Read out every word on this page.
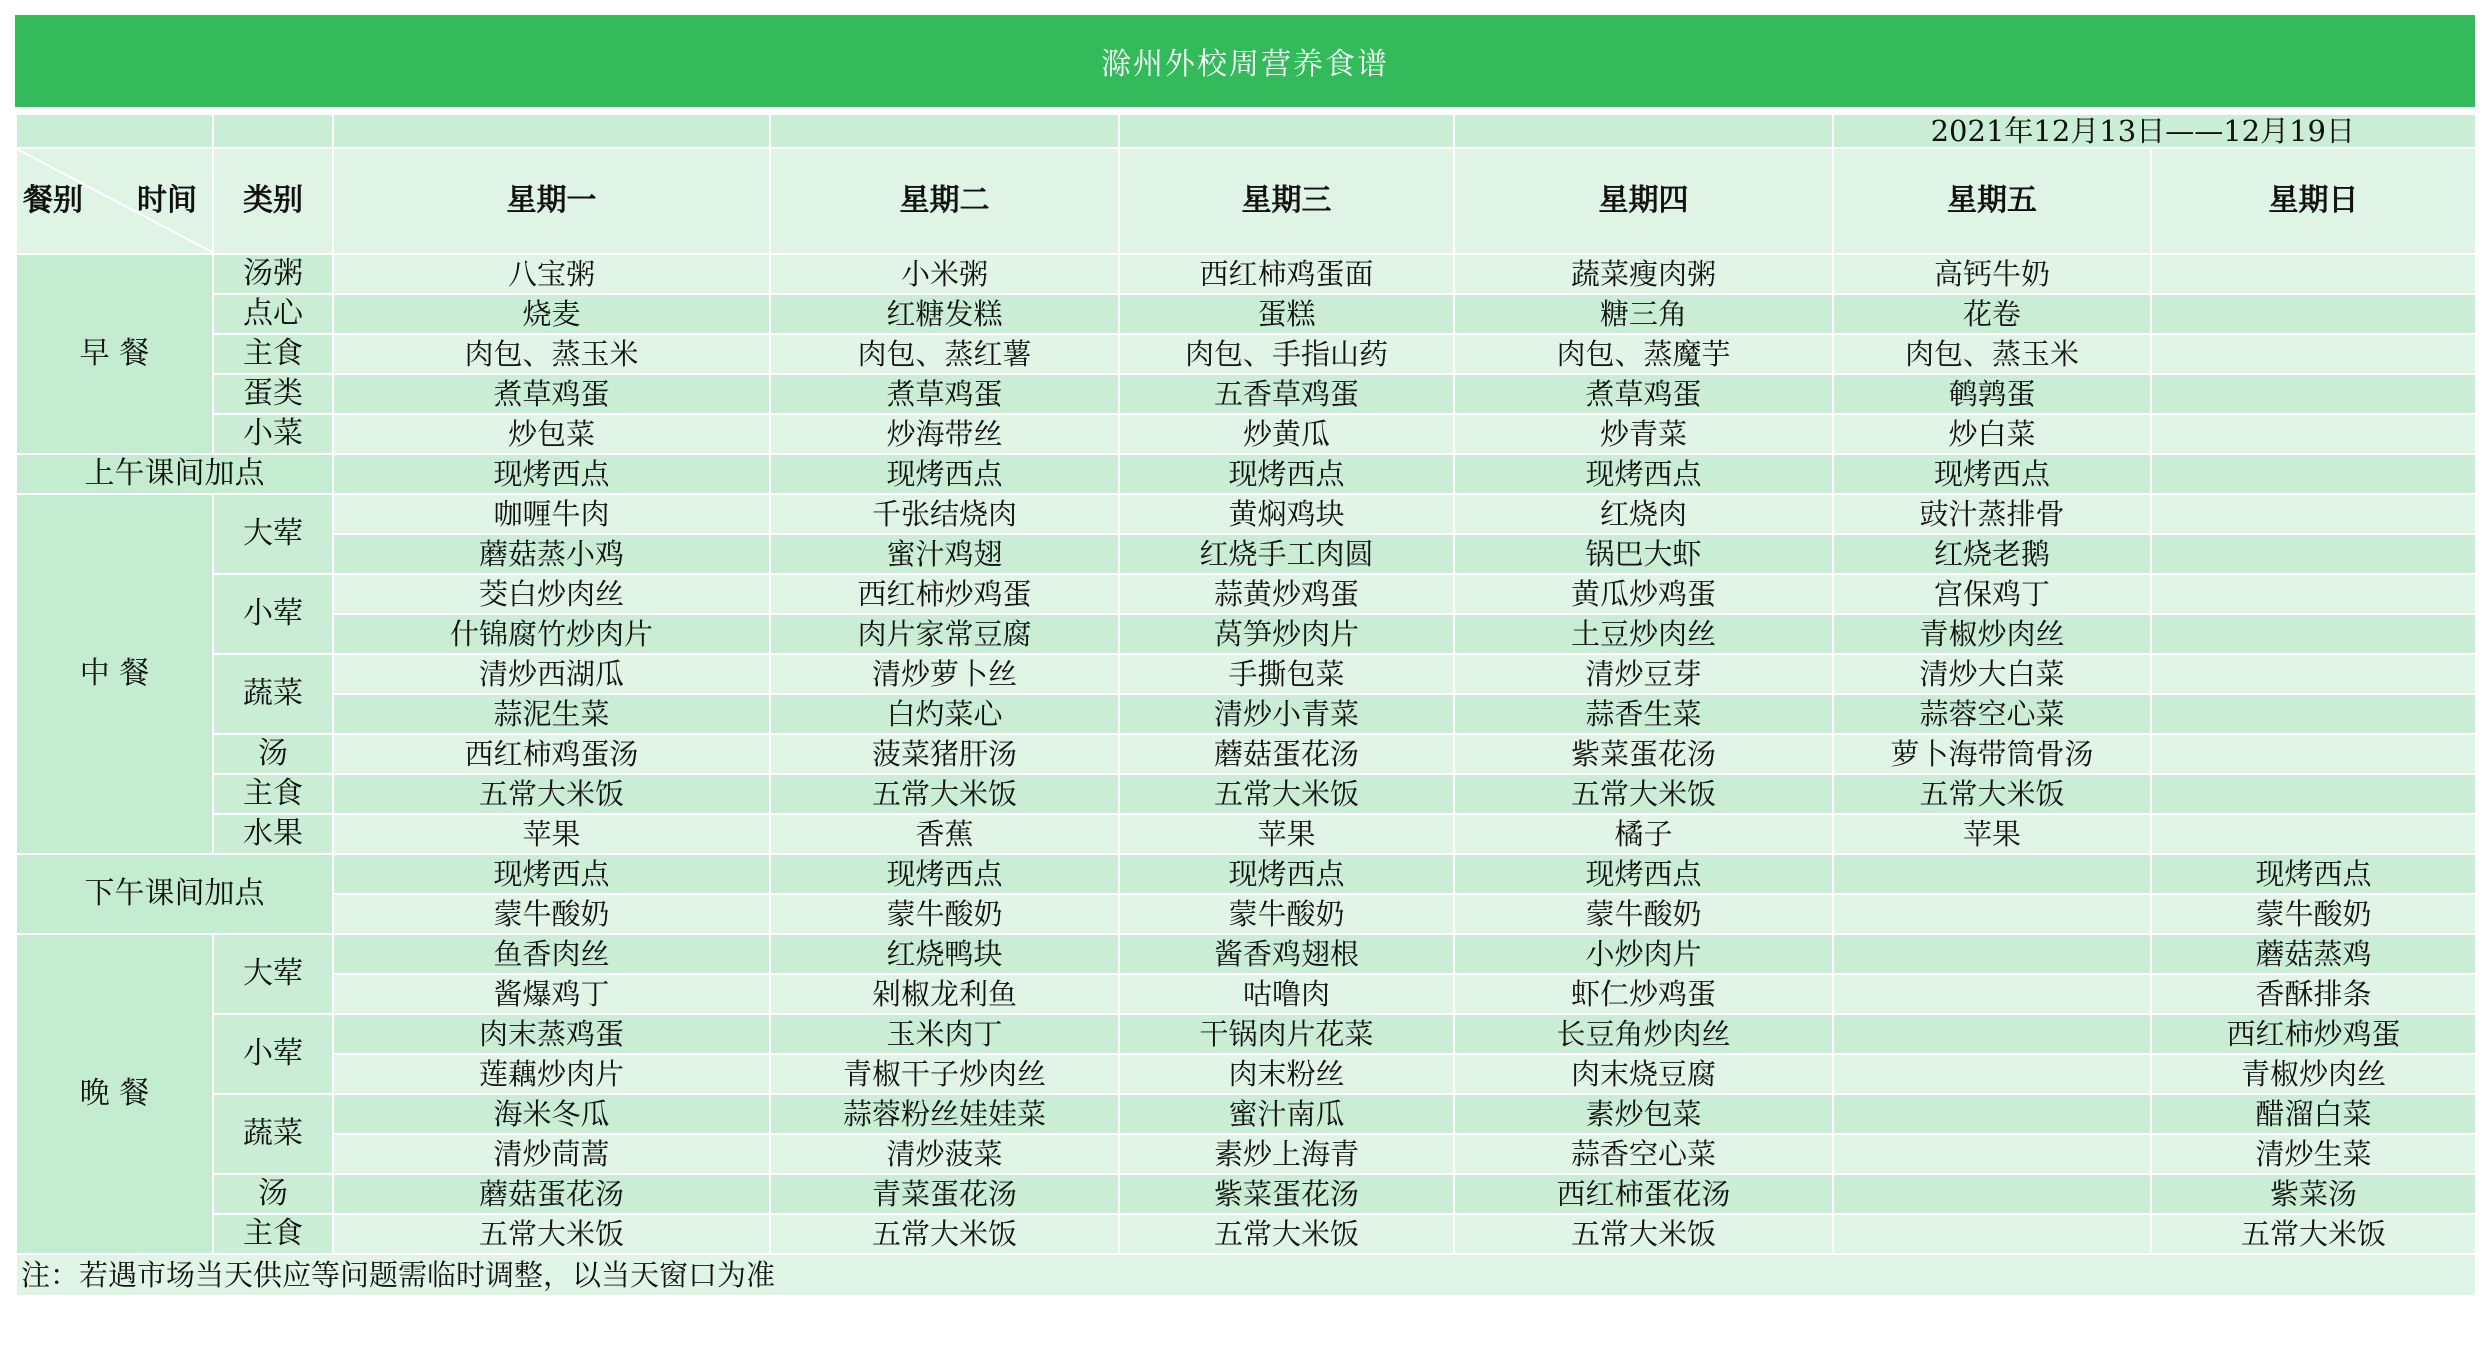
滁州外校周营养食谱
						2021年12月13日——12月19日	

餐别 时间	类别	星期一	星期二	星期三	星期四	星期五	星期日
早 餐	汤粥	八宝粥	小米粥	西红柿鸡蛋面	蔬菜瘦肉粥	高钙牛奶	
	点心	烧麦	红糖发糕	蛋糕	糖三角	花卷	
	主食	肉包、蒸玉米	肉包、蒸红薯	肉包、手指山药	肉包、蒸魔芋	肉包、蒸玉米	
	蛋类	煮草鸡蛋	煮草鸡蛋	五香草鸡蛋	煮草鸡蛋	鹌鹑蛋	
	小菜	炒包菜	炒海带丝	炒黄瓜	炒青菜	炒白菜	
上午课间加点		现烤西点	现烤西点	现烤西点	现烤西点	现烤西点	
中 餐	大荤	咖喱牛肉	千张结烧肉	黄焖鸡块	红烧肉	豉汁蒸排骨	
		蘑菇蒸小鸡	蜜汁鸡翅	红烧手工肉圆	锅巴大虾	红烧老鹅	
	小荤	茭白炒肉丝	西红柿炒鸡蛋	蒜黄炒鸡蛋	黄瓜炒鸡蛋	宫保鸡丁	
		什锦腐竹炒肉片	肉片家常豆腐	莴笋炒肉片	土豆炒肉丝	青椒炒肉丝	
	蔬菜	清炒西湖瓜	清炒萝卜丝	手撕包菜	清炒豆芽	清炒大白菜	
		蒜泥生菜	白灼菜心	清炒小青菜	蒜香生菜	蒜蓉空心菜	
	汤	西红柿鸡蛋汤	菠菜猪肝汤	蘑菇蛋花汤	紫菜蛋花汤	萝卜海带筒骨汤	
	主食	五常大米饭	五常大米饭	五常大米饭	五常大米饭	五常大米饭	
	水果	苹果	香蕉	苹果	橘子	苹果	
下午课间加点		现烤西点	现烤西点	现烤西点	现烤西点		现烤西点
		蒙牛酸奶	蒙牛酸奶	蒙牛酸奶	蒙牛酸奶		蒙牛酸奶
晚 餐	大荤	鱼香肉丝	红烧鸭块	酱香鸡翅根	小炒肉片		蘑菇蒸鸡
		酱爆鸡丁	剁椒龙利鱼	咕噜肉	虾仁炒鸡蛋		香酥排条
	小荤	肉末蒸鸡蛋	玉米肉丁	干锅肉片花菜	长豆角炒肉丝		西红柿炒鸡蛋
		莲藕炒肉片	青椒干子炒肉丝	肉末粉丝	肉末烧豆腐		青椒炒肉丝
	蔬菜	海米冬瓜	蒜蓉粉丝娃娃菜	蜜汁南瓜	素炒包菜		醋溜白菜
		清炒茼蒿	清炒菠菜	素炒上海青	蒜香空心菜		清炒生菜
	汤	蘑菇蛋花汤	青菜蛋花汤	紫菜蛋花汤	西红柿蛋花汤		紫菜汤
	主食	五常大米饭	五常大米饭	五常大米饭	五常大米饭		五常大米饭
注：若遇市场当天供应等问题需临时调整，以当天窗口为准							
